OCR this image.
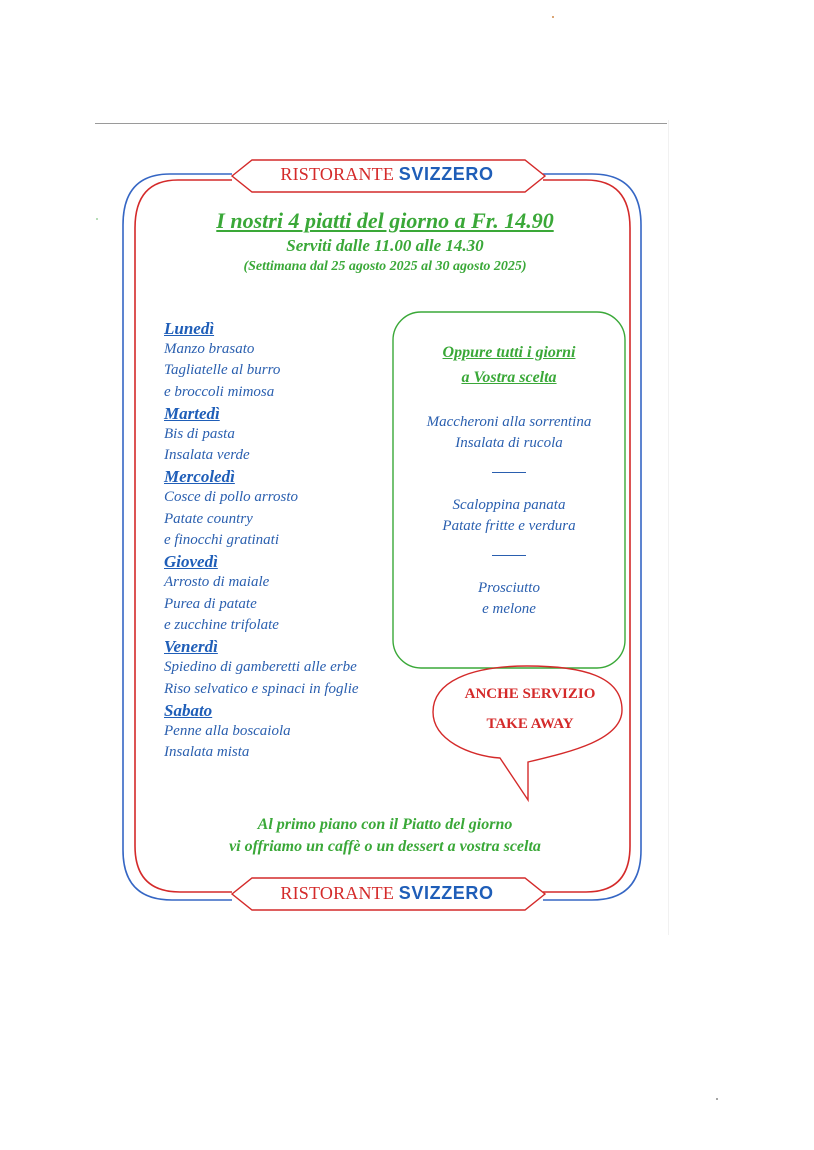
RISTORANTE SVIZZERO
I nostri 4 piatti del giorno a Fr. 14.90
Serviti dalle 11.00 alle 14.30
(Settimana dal 25 agosto 2025 al 30 agosto 2025)
Lunedì
Manzo brasato
Tagliatelle al burro
e broccoli mimosa
Martedì
Bis di pasta
Insalata verde
Mercoledì
Cosce di pollo arrosto
Patate country
e finocchi gratinati
Giovedì
Arrosto di maiale
Purea di patate
e zucchine trifolate
Venerdì
Spiedino di gamberetti alle erbe
Riso selvatico e spinaci in foglie
Sabato
Penne alla boscaiola
Insalata mista
Oppure tutti i giorni
a Vostra scelta
Maccheroni alla sorrentina
Insalata di rucola
Scaloppina panata
Patate fritte e verdura
Prosciutto
e melone
ANCHE SERVIZIO
TAKE AWAY
Al primo piano con il Piatto del giorno
vi offriamo un caffè o un dessert a vostra scelta
RISTORANTE SVIZZERO
